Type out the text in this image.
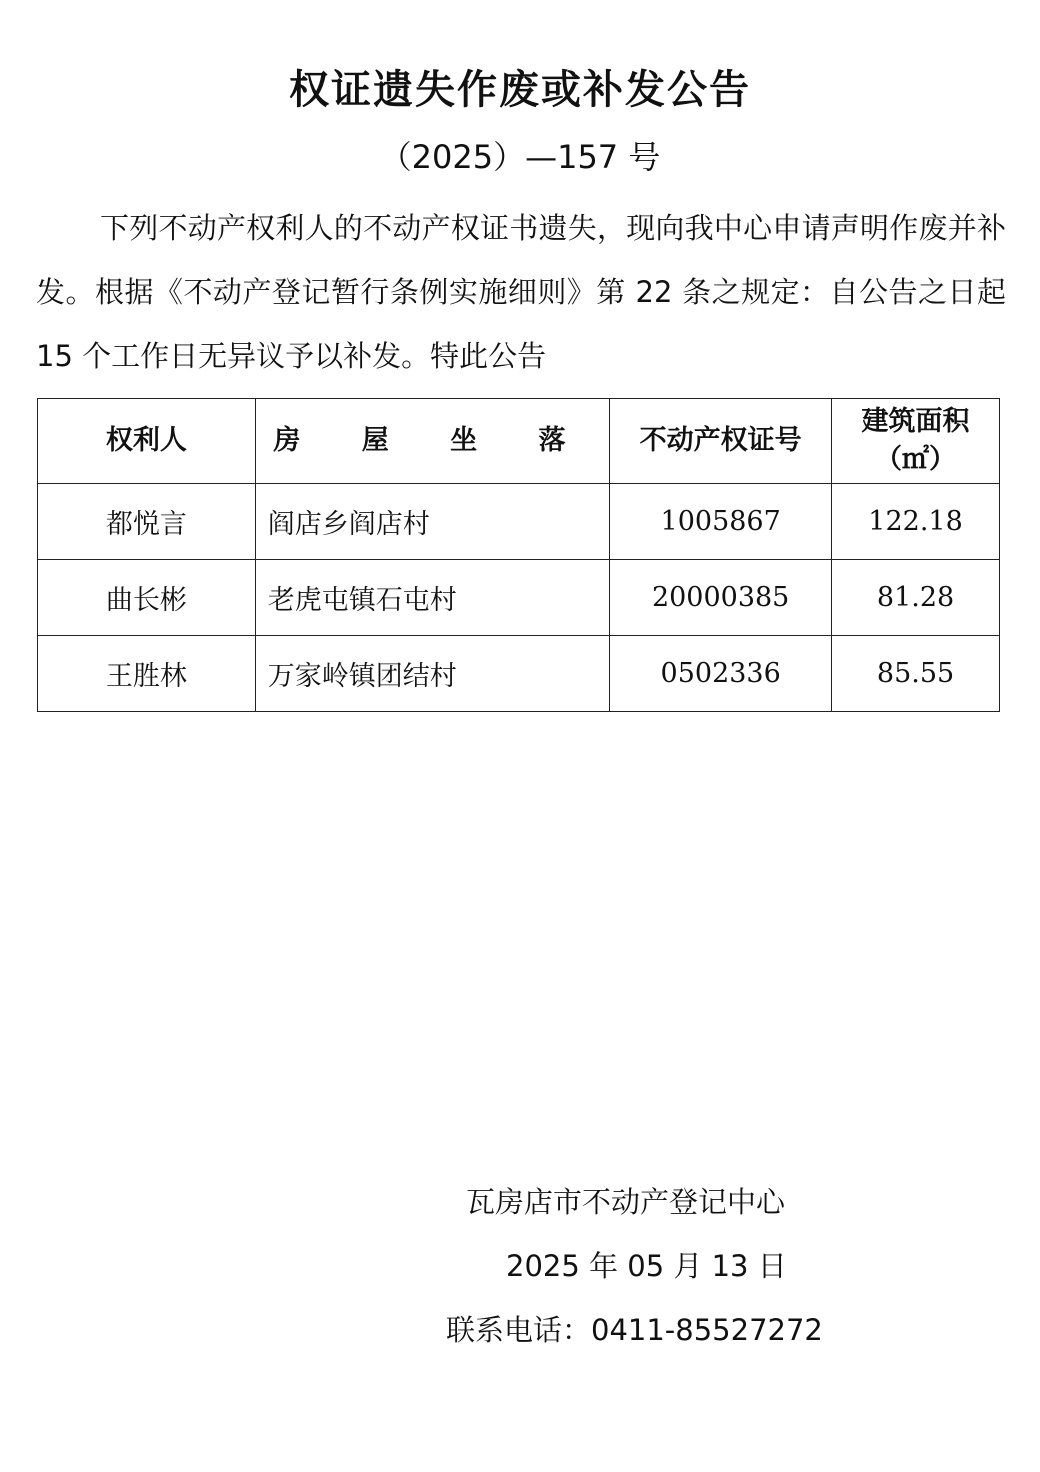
权证遗失作废或补发公告
（2025）—157 号
下列不动产权利人的不动产权证书遗失，现向我中心申请声明作废并补发。根据《不动产登记暂行条例实施细则》第 22 条之规定：自公告之日起 15 个工作日无异议予以补发。特此公告
权利人	房 屋 坐 落	不动产权证号	建筑面积
（㎡）

都悦言	阎店乡阎店村	1005867	122.18
曲长彬	老虎屯镇石屯村	20000385	81.28
王胜林	万家岭镇团结村	0502336	85.55
瓦房店市不动产登记中心
2025 年 05 月 13 日
联系电话：0411-85527272
